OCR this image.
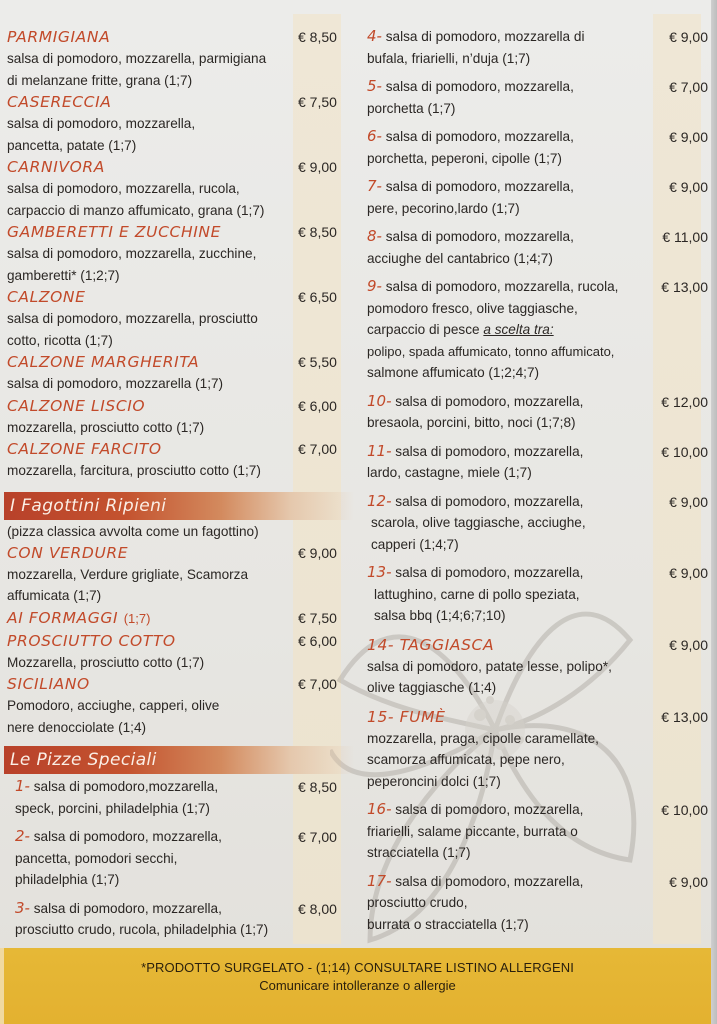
PARMIGIANA	€ 8,50
salsa di pomodoro, mozzarella, parmigiana
di melanzane fritte, grana (1;7)
CASERECCIA	€ 7,50
salsa di pomodoro, mozzarella,
pancetta, patate (1;7)
CARNIVORA	€ 9,00
salsa di pomodoro, mozzarella, rucola,
carpaccio di manzo affumicato, grana (1;7)
GAMBERETTI E ZUCCHINE	€ 8,50
salsa di pomodoro, mozzarella, zucchine,
gamberetti* (1;2;7)
CALZONE	€ 6,50
salsa di pomodoro, mozzarella, prosciutto
cotto, ricotta (1;7)
CALZONE MARGHERITA	€ 5,50
salsa di pomodoro, mozzarella (1;7)
CALZONE LISCIO	€ 6,00
mozzarella, prosciutto cotto (1;7)
CALZONE FARCITO	€ 7,00
mozzarella, farcitura, prosciutto cotto (1;7)
I Fagottini Ripieni
(pizza classica avvolta come un fagottino)
CON VERDURE	€ 9,00
mozzarella, Verdure grigliate, Scamorza
affumicata (1;7)
AI FORMAGGI (1;7)	€ 7,50
PROSCIUTTO COTTO	€ 6,00
Mozzarella, prosciutto cotto (1;7)
SICILIANO	€ 7,00
Pomodoro, acciughe, capperi, olive
nere denocciolate (1;4)
Le Pizze Speciali
1- salsa di pomodoro,mozzarella,	€ 8,50
speck, porcini, philadelphia (1;7)
2- salsa di pomodoro, mozzarella,	€ 7,00
pancetta, pomodori secchi,
philadelphia (1;7)
3- salsa di pomodoro, mozzarella,	€ 8,00
prosciutto crudo, rucola, philadelphia (1;7)
4- salsa di pomodoro, mozzarella di	€ 9,00
bufala, friarielli, n’duja (1;7)
5- salsa di pomodoro, mozzarella,	€ 7,00
porchetta (1;7)
6- salsa di pomodoro, mozzarella,	€ 9,00
porchetta, peperoni, cipolle (1;7)
7- salsa di pomodoro, mozzarella,	€ 9,00
pere, pecorino,lardo (1;7)
8- salsa di pomodoro, mozzarella,	€ 11,00
acciughe del cantabrico (1;4;7)
9- salsa di pomodoro, mozzarella, rucola,	€ 13,00
pomodoro fresco, olive taggiasche,
carpaccio di pesce a scelta tra:
polipo, spada affumicato, tonno affumicato,
salmone affumicato (1;2;4;7)
10- salsa di pomodoro, mozzarella,	€ 12,00
bresaola, porcini, bitto, noci (1;7;8)
11- salsa di pomodoro, mozzarella,	€ 10,00
lardo, castagne, miele (1;7)
12- salsa di pomodoro, mozzarella,	€ 9,00
scarola, olive taggiasche, acciughe,
capperi (1;4;7)
13- salsa di pomodoro, mozzarella,	€ 9,00
lattughino, carne di pollo speziata,
salsa bbq (1;4;6;7;10)
14- TAGGIASCA	€ 9,00
salsa di pomodoro, patate lesse, polipo*,
olive taggiasche (1;4)
15- FUMÈ	€ 13,00
mozzarella, praga, cipolle caramellate,
scamorza affumicata, pepe nero,
peperoncini dolci (1;7)
16- salsa di pomodoro, mozzarella,	€ 10,00
friarielli, salame piccante, burrata o
stracciatella (1;7)
17- salsa di pomodoro, mozzarella,	€ 9,00
prosciutto crudo,
burrata o stracciatella (1;7)
*PRODOTTO SURGELATO - (1;14) CONSULTARE LISTINO ALLERGENI
Comunicare intolleranze o allergie
